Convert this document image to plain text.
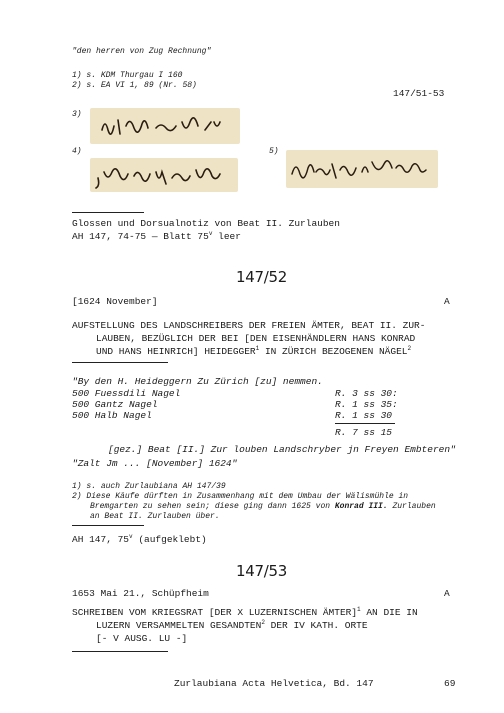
"den herren von Zug Rechnung"
1) s. KDM Thurgau I 160
2) s. EA VI 1, 89 (Nr. 58)
147/51-53
3)
4)	5)
Glossen und Dorsualnotiz von Beat II. Zurlauben
AH 147, 74-75 — Blatt 75$^v$ leer
147/52
[1624 November]	A
AUFSTELLUNG DES LANDSCHREIBERS DER FREIEN ÄMTER, BEAT II. ZUR-
LAUBEN, BEZÜGLICH DER BEI [DEN EISENHÄNDLERN HANS KONRAD
UND HANS HEINRICH] HEIDEGGER$^1$ IN ZÜRICH BEZOGENEN NÄGEL$^2$
"By den H. Heideggern Zu Zürich [zu] nemmen.
500 Fuessdili Nagel	R. 3 ss 30:
500 Gantz Nagel	R. 1 ss 35:
500 Halb Nagel	R. 1 ss 30
R. 7 ss 15
[gez.] Beat [II.] Zur louben Landschryber jn Freyen Embteren"
"Zalt Jm ... [November] 1624"
1) s. auch Zurlaubiana AH 147/39
2) Diese Käufe dürften in Zusammenhang mit dem Umbau der Wälismühle in
Bremgarten zu sehen sein; diese ging dann 1625 von Konrad III. Zurlauben
an Beat II. Zurlauben über.
AH 147, 75$^v$ (aufgeklebt)
147/53
1653 Mai 21., Schüpfheim	A
SCHREIBEN VOM KRIEGSRAT [DER X LUZERNISCHEN ÄMTER]$^1$ AN DIE IN
LUZERN VERSAMMELTEN GESANDTEN$^2$ DER IV KATH. ORTE
[- V AUSG. LU -]
Zurlaubiana Acta Helvetica, Bd. 147	69
